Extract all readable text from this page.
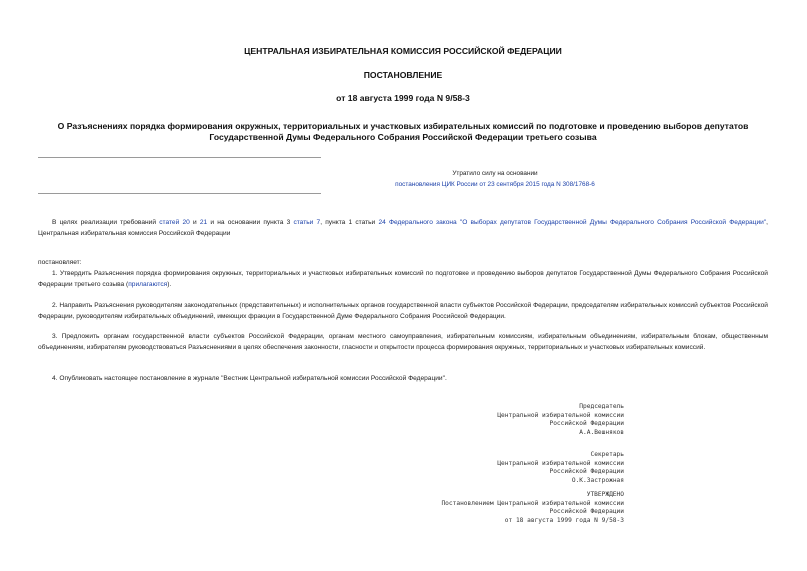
ЦЕНТРАЛЬНАЯ ИЗБИРАТЕЛЬНАЯ КОМИССИЯ РОССИЙСКОЙ ФЕДЕРАЦИИ
ПОСТАНОВЛЕНИЕ
от 18 августа 1999 года N 9/58-3
О Разъяснениях порядка формирования окружных, территориальных и участковых избирательных комиссий по подготовке и проведению выборов депутатов
Государственной Думы Федерального Собрания Российской Федерации третьего созыва
Утратило силу на основании
постановления ЦИК России от 23 сентября 2015 года N 308/1768-6
В целях реализации требований статей 20 и 21 и на основании пункта 3 статьи 7, пункта 1 статьи 24 Федерального закона "О выборах депутатов Государственной Думы Федерального Собрания Российской Федерации", Центральная избирательная комиссия Российской Федерации
постановляет:
1. Утвердить Разъяснения порядка формирования окружных, территориальных и участковых избирательных комиссий по подготовке и проведению выборов депутатов Государственной Думы Федерального Собрания Российской Федерации третьего созыва (прилагаются).
2. Направить Разъяснения руководителям законодательных (представительных) и исполнительных органов государственной власти субъектов Российской Федерации, председателям избирательных комиссий субъектов Российской Федерации, руководителям избирательных объединений, имеющих фракции в Государственной Думе Федерального Собрания Российской Федерации.
3. Предложить органам государственной власти субъектов Российской Федерации, органам местного самоуправления, избирательным комиссиям, избирательным объединениям, избирательным блокам, общественным объединениям, избирателям руководствоваться Разъяснениями в целях обеспечения законности, гласности и открытости процесса формирования окружных, территориальных и участковых избирательных комиссий.
4. Опубликовать настоящее постановление в журнале "Вестник Центральной избирательной комиссии Российской Федерации".
Председатель
Центральной избирательной комиссии
Российской Федерации
А.А.Вешняков
Секретарь
Центральной избирательной комиссии
Российской Федерации
О.К.Застрожная
УТВЕРЖДЕНО
Постановлением Центральной избирательной комиссии
Российской Федерации
от 18 августа 1999 года N 9/58-3
